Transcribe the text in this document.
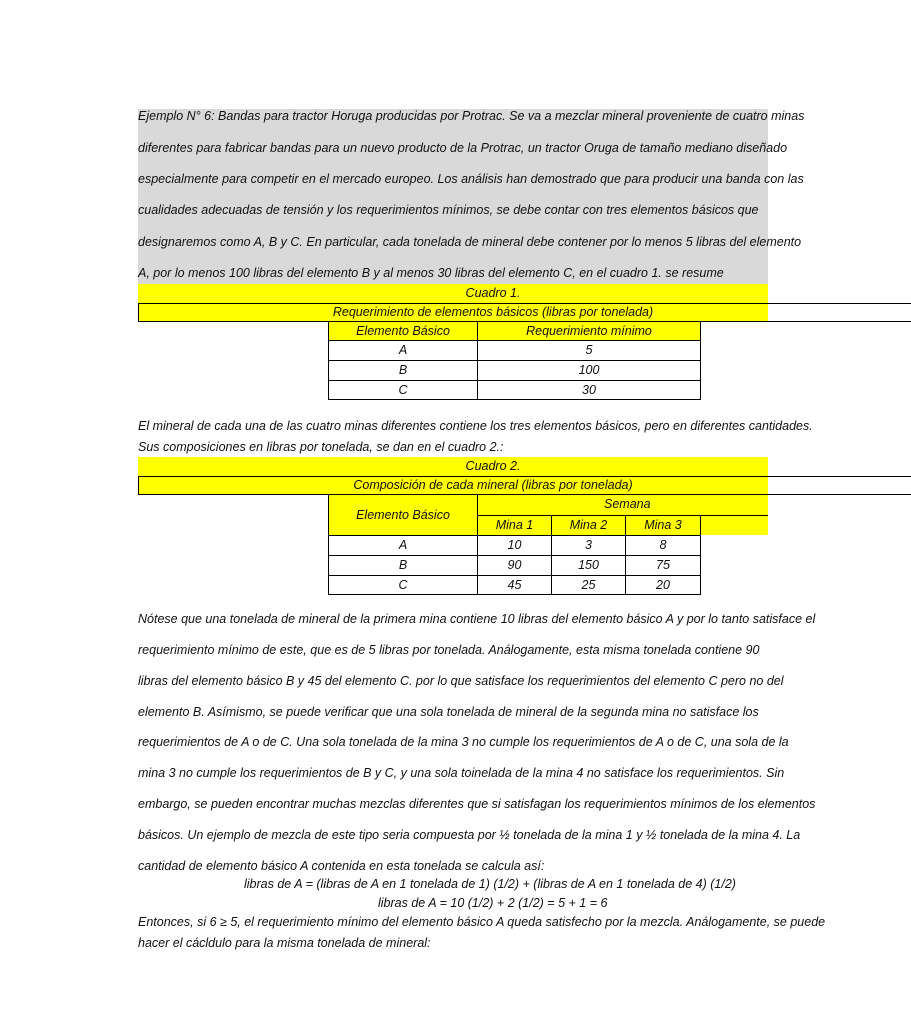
Ejemplo N° 6: Bandas para tractor Horuga producidas por Protrac. Se va a mezclar mineral proveniente de cuatro minas
diferentes para fabricar bandas para un nuevo producto de la Protrac, un tractor Oruga de tamaño mediano diseñado
especialmente para competir en el mercado europeo. Los análisis han demostrado que para producir una banda con las
cualidades adecuadas de tensión y los requerimientos mínimos, se debe contar con tres elementos básicos que
designaremos como A, B y C. En particular, cada tonelada de mineral debe contener por lo menos 5 libras del elemento
A, por lo menos 100 libras del elemento B y al menos 30 libras del elemento C, en el cuadro 1. se resume
Cuadro 1.
Requerimiento de elementos básicos (libras por tonelada)
Elemento Básico	Requerimiento mínimo
A	5
B	100
C	30
El mineral de cada una de las cuatro minas diferentes contiene los tres elementos básicos, pero en diferentes cantidades.
Sus composiciones en libras por tonelada, se dan en el cuadro 2.:
Cuadro 2.
Composición de cada mineral (libras por tonelada)
Elemento Básico
Semana
Mina 1	Mina 2	Mina 3
A	10	3	8
B	90	150	75
C	45	25	20
Nótese que una tonelada de mineral de la primera mina contiene 10 libras del elemento básico A y por lo tanto satisface el
requerimiento mínimo de este, que es de 5 libras por tonelada. Análogamente, esta misma tonelada contiene 90
libras del elemento básico B y 45 del elemento C. por lo que satisface los requerimientos del elemento C pero no del
elemento B. Asímismo, se puede verificar que una sola tonelada de mineral de la segunda mina no satisface los
requerimientos de A o de C. Una sola tonelada de la mina 3 no cumple los requerimientos de A o de C, una sola de la
mina 3 no cumple los requerimientos de B y C, y una sola toinelada de la mina 4 no satisface los requerimientos. Sin
embargo, se pueden encontrar muchas mezclas diferentes que si satisfagan los requerimientos mínimos de los elementos
básicos. Un ejemplo de mezcla de este tipo seria compuesta por ½ tonelada de la mina 1 y ½ tonelada de la mina 4. La
cantidad de elemento básico A contenida en esta tonelada se calcula así:
libras de A = (libras de A en 1 tonelada de 1) (1/2) + (libras de A en 1 tonelada de 4) (1/2)
libras de A = 10 (1/2) + 2 (1/2) = 5 + 1 = 6
Entonces, si 6 ≥ 5, el requerimiento mínimo del elemento básico A queda satisfecho por la mezcla. Análogamente, se puede
hacer el cácldulo para la misma tonelada de mineral:
